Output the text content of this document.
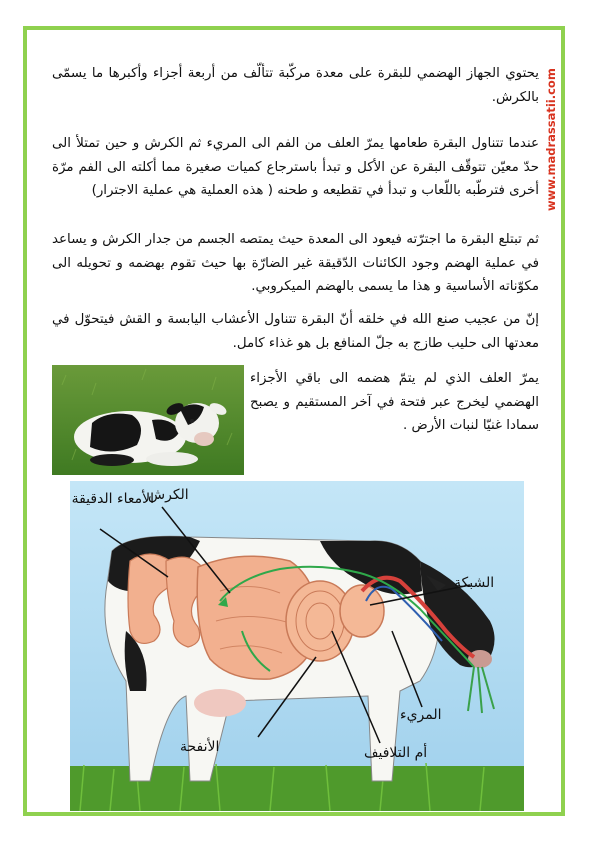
www.madrassatii.com

يحتوي الجهاز الهضمي للبقرة على معدة مركّبة تتألّف من أربعة أجزاء وأكبرها ما يسمّى بالكرش.

عندما تتناول البقرة طعامها يمرّ العلف من الفم الى المريء ثم الكرش و حين تمتلأ الى حدّ معيّن تتوقّف البقرة عن الأكل و تبدأ باسترجاع كميات صغيرة مما أكلته الى الفم مرّة أخرى فترطّبه باللّعاب و تبدأ في تقطيعه و طحنه ( هذه العملية هي عملية الاجترار)

ثم تبتلع البقرة ما اجترّته فيعود الى المعدة حيث يمتصه الجسم من جدار الكرش و يساعد في عملية الهضم وجود الكائنات الدّقيقة غير الضارّة بها حيث تقوم بهضمه و تحويله الى مكوّناته الأساسية و هذا ما يسمى بالهضم الميكروبي.

إنّ من عجيب صنع الله في خلقه أنّ البقرة تتناول الأعشاب اليابسة و القش فيتحوّل في معدتها الى حليب طازج به جلّ المنافع بل هو غذاء كامل.

يمرّ العلف الذي لم يتمّ هضمه الى باقي الأجزاء الهضمي ليخرج عبر فتحة في آخر المستقيم و يصبح سمادا غنيّا لنبات الأرض .

الأمعاء الدقيقة
الكرش
الشبكة
المريء
الأنفحة	أم التلافيف
